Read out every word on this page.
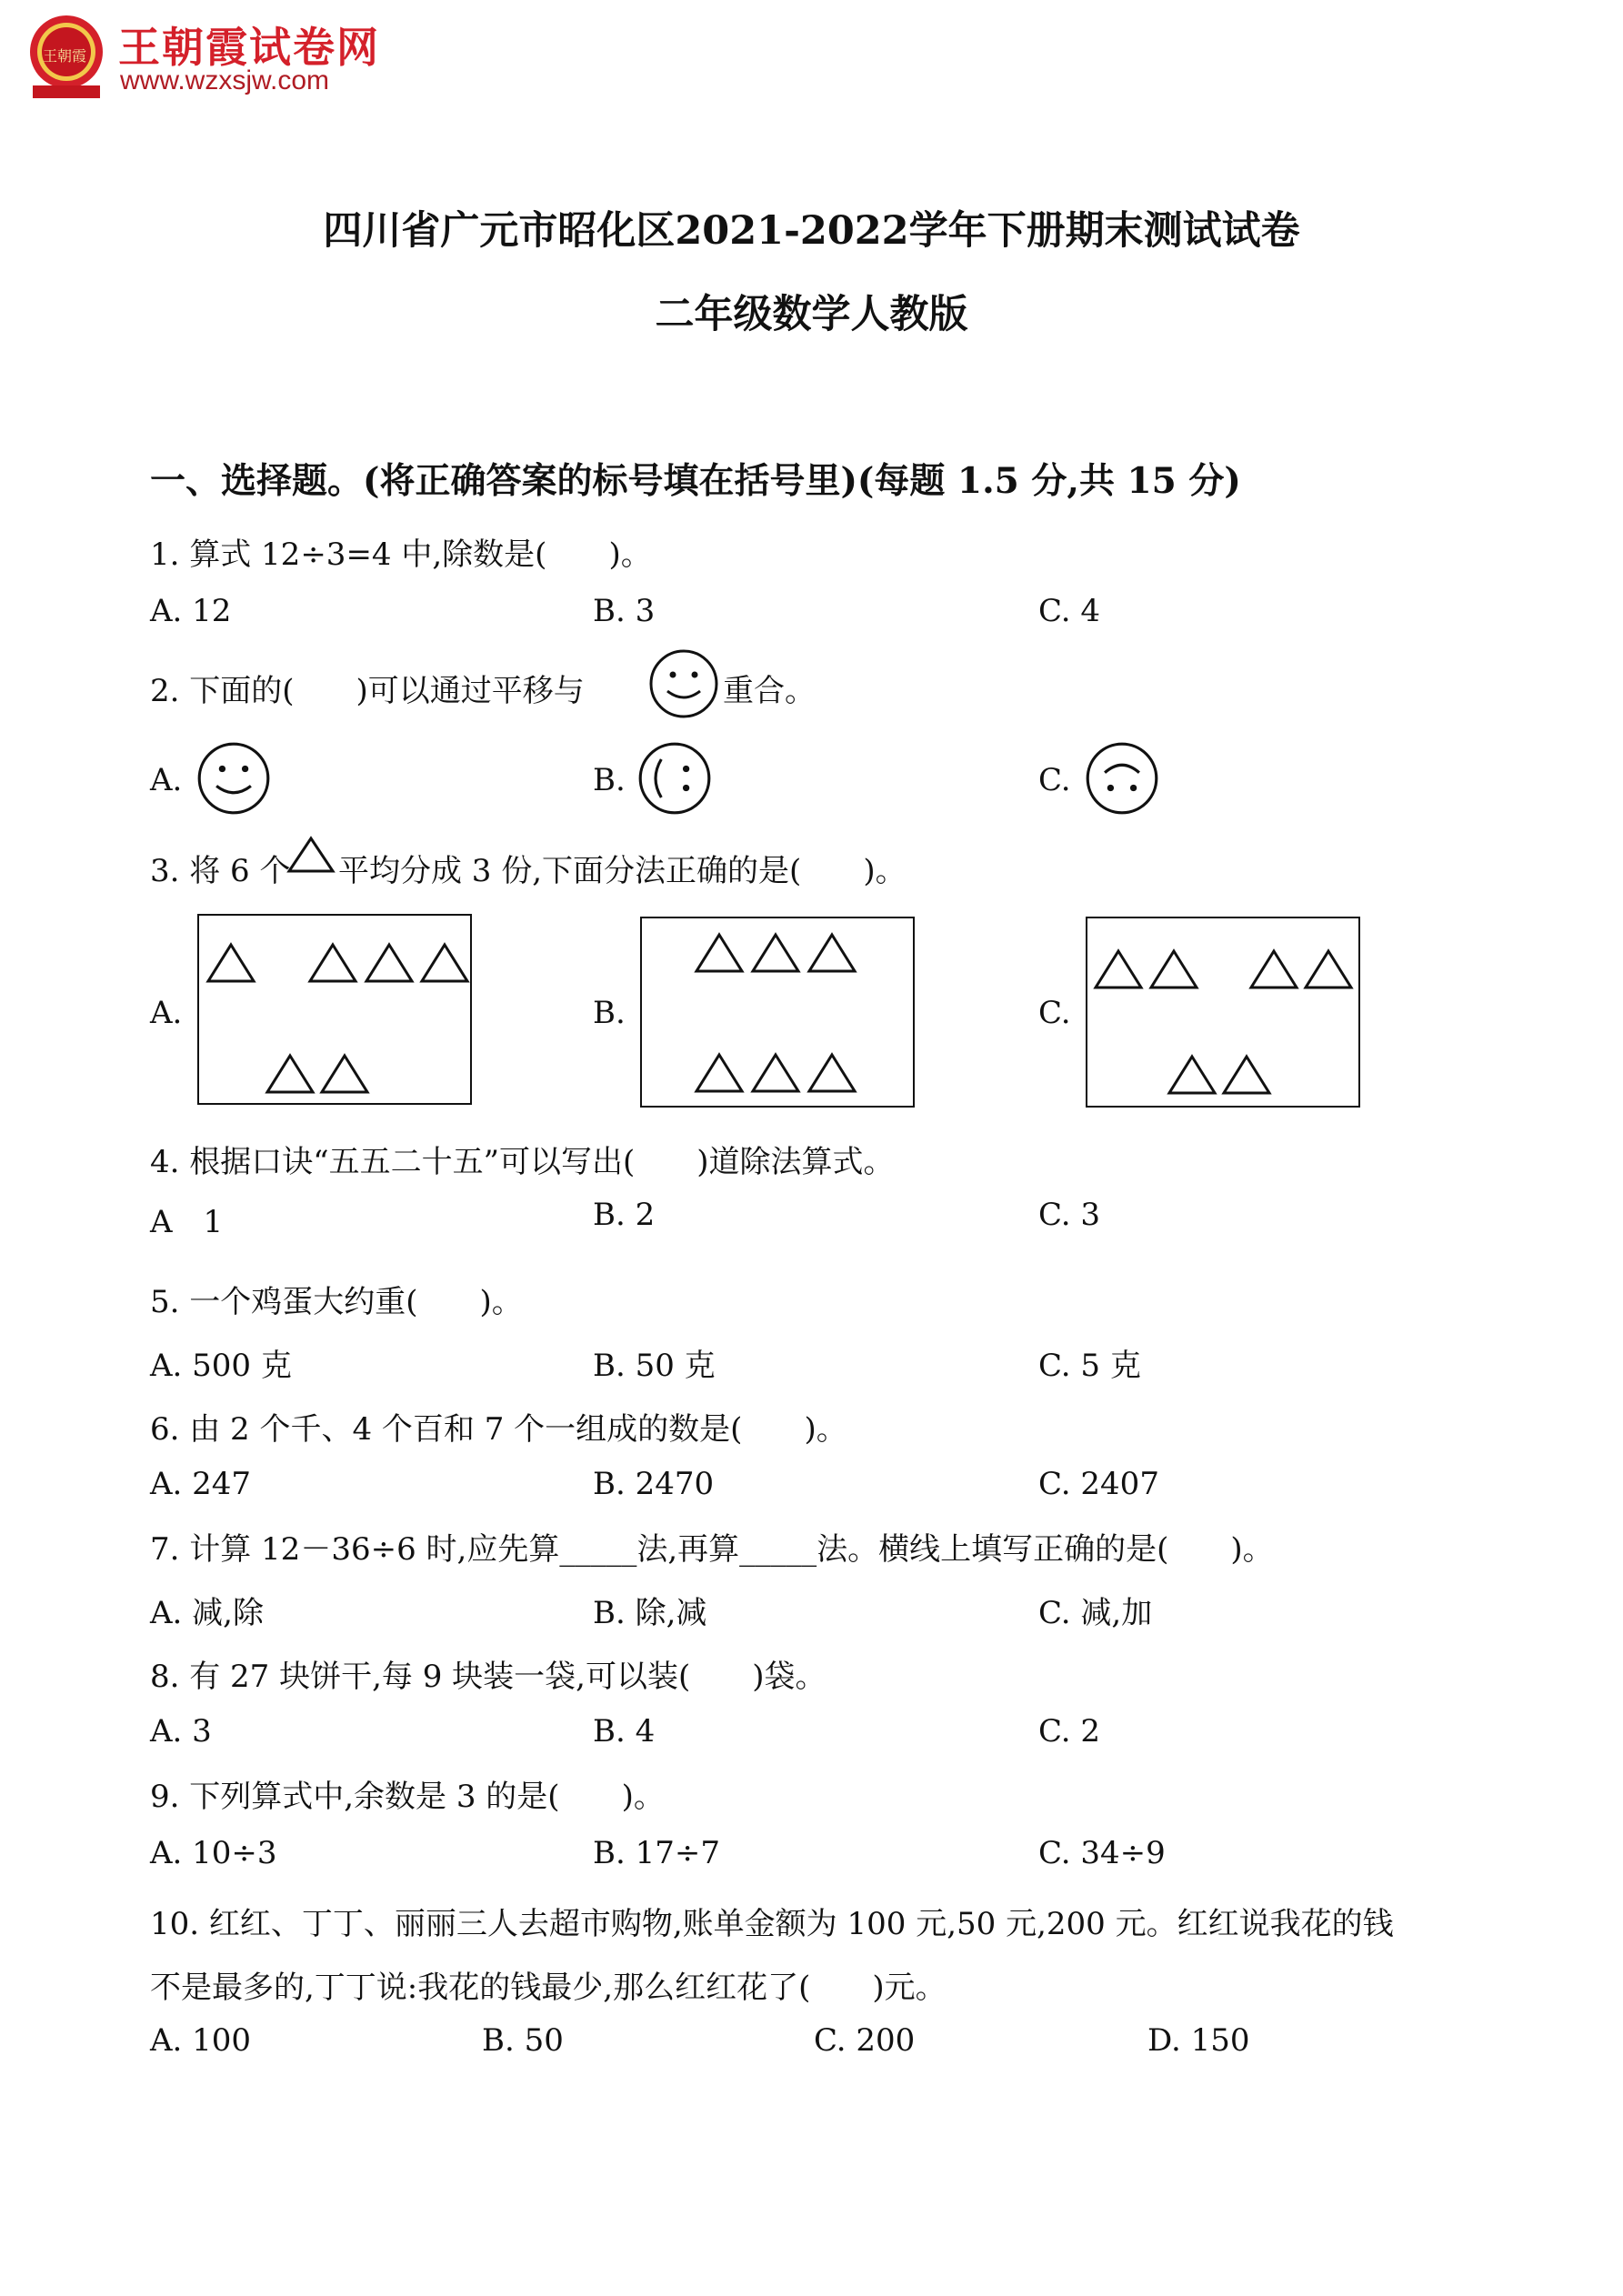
王朝霞 王朝霞试卷网
www.wzxsjw.com
四川省广元市昭化区2021-2022学年下册期末测试试卷
二年级数学人教版
一、选择题。(将正确答案的标号填在括号里)(每题 1.5 分,共 15 分)
1. 算式 12÷3=4 中,除数是(　　)。
A. 12	B. 3	C. 4
2. 下面的(　　)可以通过平移与	重合。
A.	B.	C.
3. 将 6 个 平均分成 3 份,下面分法正确的是(　　)。
A.	B.	C.
4. 根据口诀“五五二十五”可以写出(　　)道除法算式。
A　1	B. 2	C. 3
5. 一个鸡蛋大约重(　　)。
A. 500 克	B. 50 克	C. 5 克
6. 由 2 个千、4 个百和 7 个一组成的数是(　　)。
A. 247	B. 2470	C. 2407
7. 计算 12－36÷6 时,应先算_____法,再算_____法。横线上填写正确的是(　　)。
A. 减,除	B. 除,减	C. 减,加
8. 有 27 块饼干,每 9 块装一袋,可以装(　　)袋。
A. 3	B. 4	C. 2
9. 下列算式中,余数是 3 的是(　　)。
A. 10÷3	B. 17÷7	C. 34÷9
10. 红红、丁丁、丽丽三人去超市购物,账单金额为 100 元,50 元,200 元。红红说我花的钱
不是最多的,丁丁说:我花的钱最少,那么红红花了(　　)元。
A. 100	B. 50	C. 200	D. 150
